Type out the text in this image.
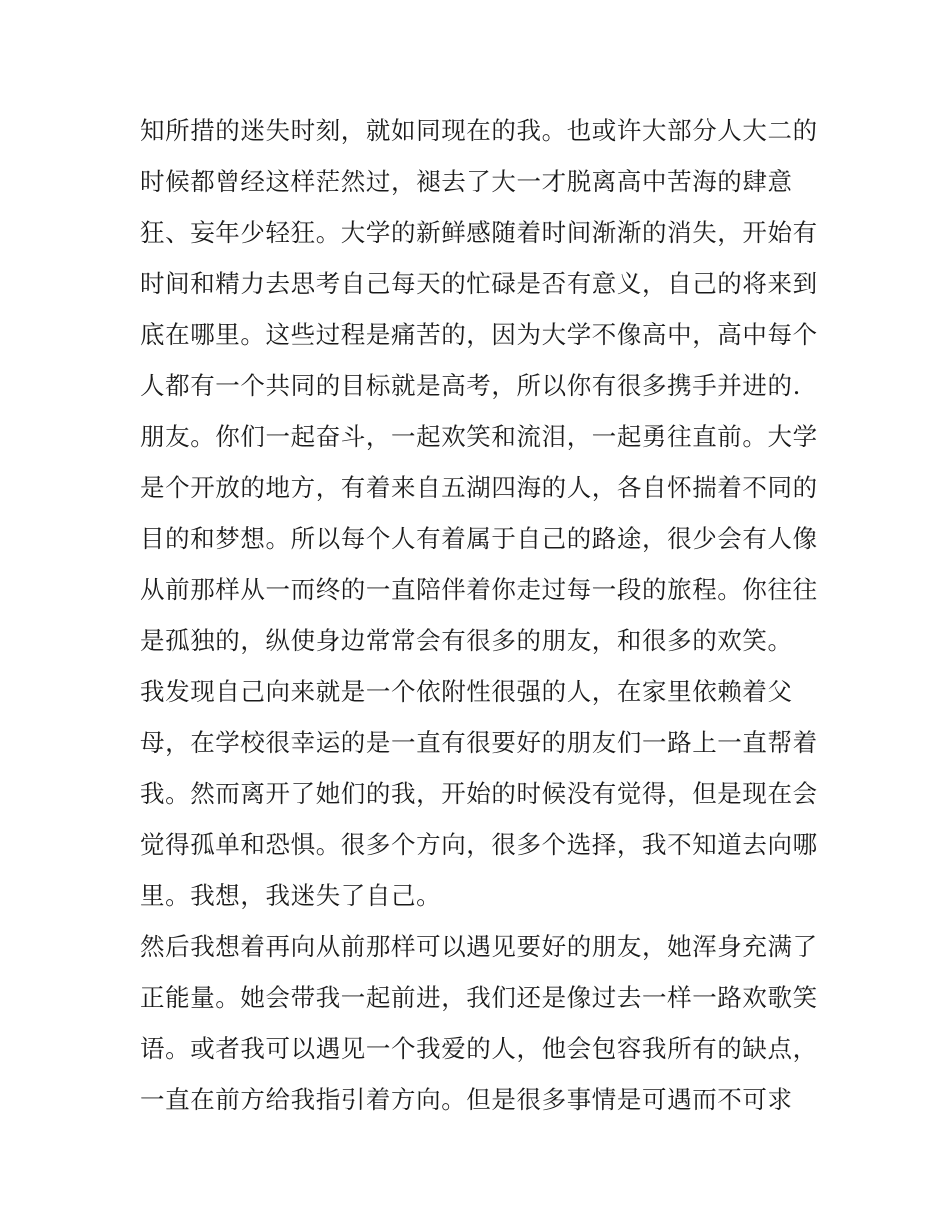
知所措的迷失时刻，就如同现在的我。也或许大部分人大二的
时候都曾经这样茫然过，褪去了大一才脱离高中苦海的肆意
狂、妄年少轻狂。大学的新鲜感随着时间渐渐的消失，开始有
时间和精力去思考自己每天的忙碌是否有意义，自己的将来到
底在哪里。这些过程是痛苦的，因为大学不像高中，高中每个
人都有一个共同的目标就是高考，所以你有很多携手并进的.
朋友。你们一起奋斗，一起欢笑和流泪，一起勇往直前。大学
是个开放的地方，有着来自五湖四海的人，各自怀揣着不同的
目的和梦想。所以每个人有着属于自己的路途，很少会有人像
从前那样从一而终的一直陪伴着你走过每一段的旅程。你往往
是孤独的，纵使身边常常会有很多的朋友，和很多的欢笑。
我发现自己向来就是一个依附性很强的人，在家里依赖着父
母，在学校很幸运的是一直有很要好的朋友们一路上一直帮着
我。然而离开了她们的我，开始的时候没有觉得，但是现在会
觉得孤单和恐惧。很多个方向，很多个选择，我不知道去向哪
里。我想，我迷失了自己。
然后我想着再向从前那样可以遇见要好的朋友，她浑身充满了
正能量。她会带我一起前进，我们还是像过去一样一路欢歌笑
语。或者我可以遇见一个我爱的人，他会包容我所有的缺点，
一直在前方给我指引着方向。但是很多事情是可遇而不可求
